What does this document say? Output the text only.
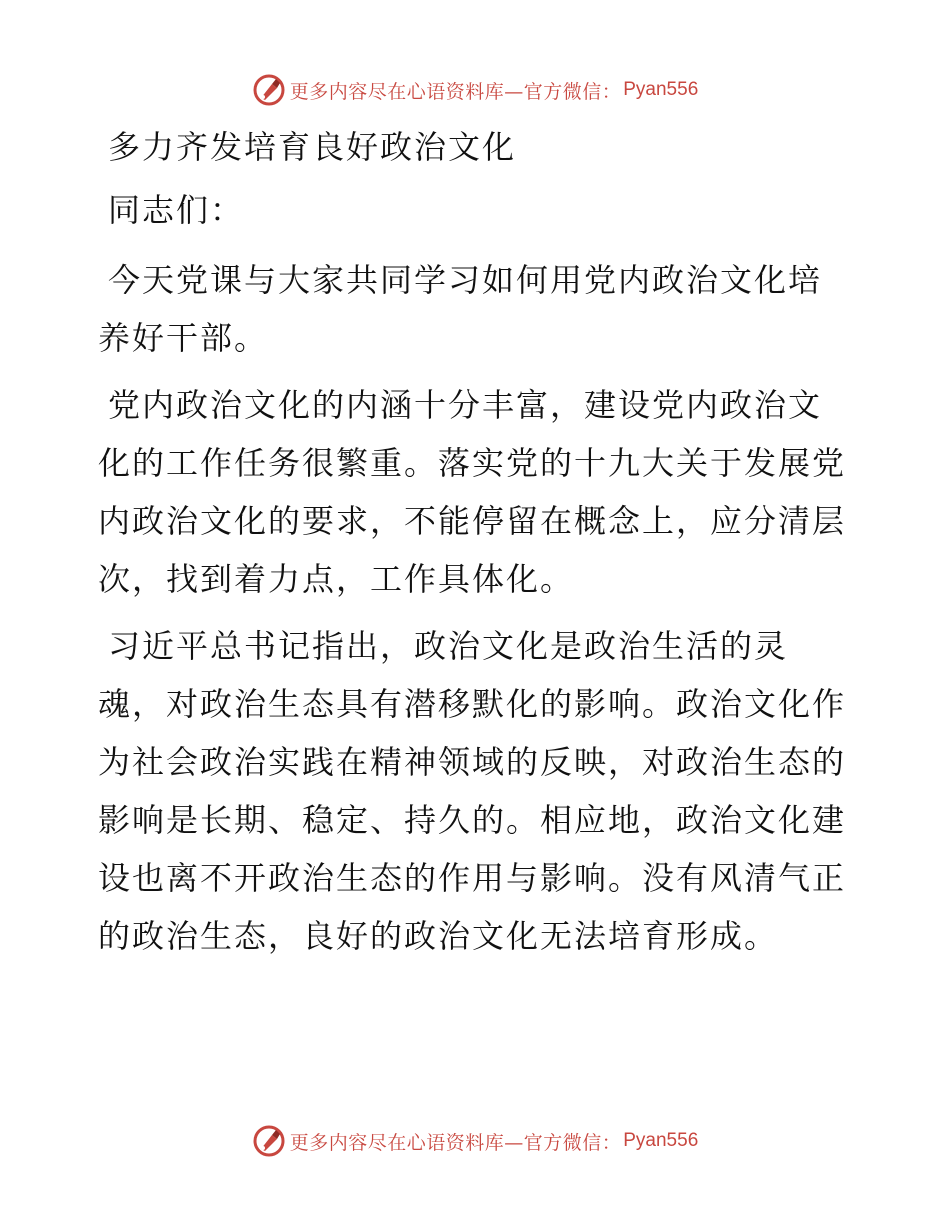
更多内容尽在心语资料库—官方微信： Pyan556

多力齐发培育良好政治文化

同志们：

今天党课与大家共同学习如何用党内政治文化培养好干部。

党内政治文化的内涵十分丰富，建设党内政治文化的工作任务很繁重。落实党的十九大关于发展党内政治文化的要求，不能停留在概念上，应分清层次，找到着力点，工作具体化。

习近平总书记指出，政治文化是政治生活的灵魂，对政治生态具有潜移默化的影响。政治文化作为社会政治实践在精神领域的反映，对政治生态的影响是长期、稳定、持久的。相应地，政治文化建设也离不开政治生态的作用与影响。没有风清气正的政治生态，良好的政治文化无法培育形成。

更多内容尽在心语资料库—官方微信： Pyan556
